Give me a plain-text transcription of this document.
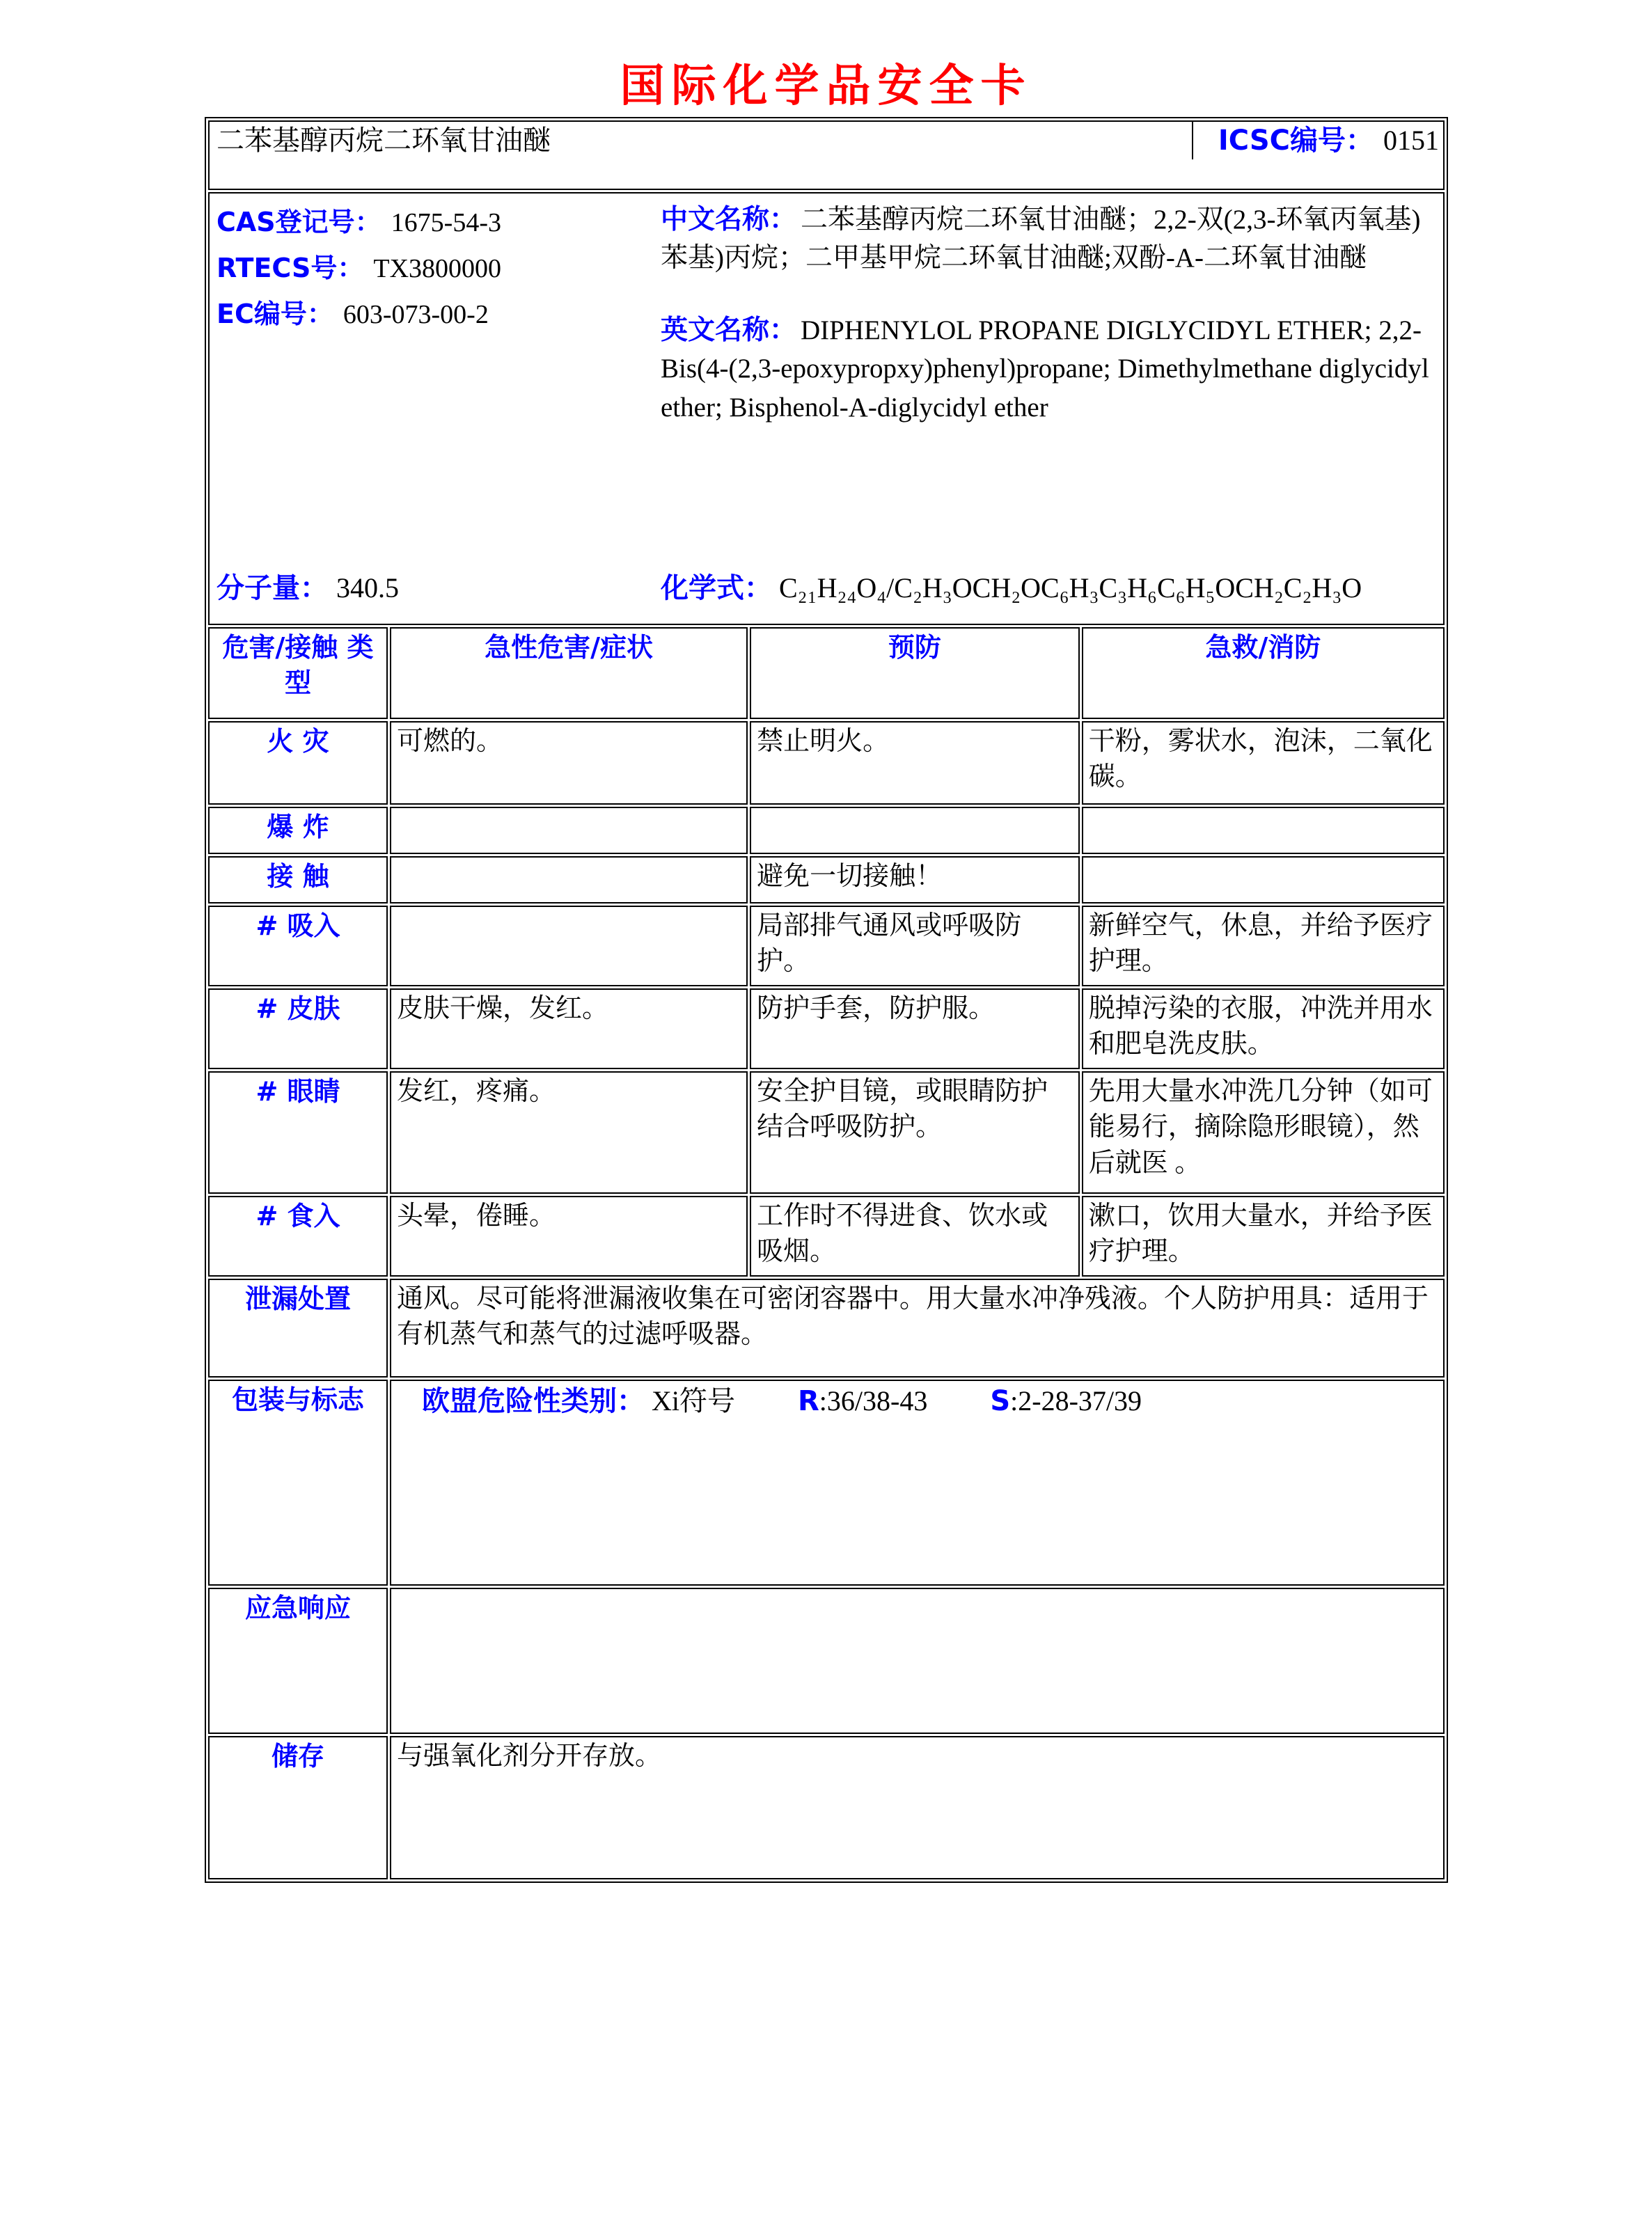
国际化学品安全卡
二苯基醇丙烷二环氧甘油醚 ICSC编号： 0151			

CAS登记号： 1675-54-3
RTECS号： TX3800000
EC编号： 603-073-00-2

中文名称： 二苯基醇丙烷二环氧甘油醚；2,2-双(2,3-环氧丙氧基)苯基)丙烷；二甲基甲烷二环氧甘油醚;双酚-A-二环氧甘油醚

英文名称： DIPHENYLOL PROPANE DIGLYCIDYL ETHER; 2,2-Bis(4-(2,3-epoxypropxy)phenyl)propane; Dimethylmethane diglycidyl ether; Bisphenol-A-diglycidyl ether

分子量： 340.5	化学式： C₂₁H₂₄O₄/C₂H₃OCH₂OC₆H₃C₃H₆C₆H₅OCH₂C₂H₃O

危害/接触 类型	急性危害/症状	预防	急救/消防
火 灾	可燃的。	禁止明火。	干粉，雾状水，泡沫，二氧化碳。
爆 炸			
接 触		避免一切接触！	
# 吸入		局部排气通风或呼吸防护。	新鲜空气，休息，并给予医疗护理。
# 皮肤	皮肤干燥，发红。	防护手套，防护服。	脱掉污染的衣服，冲洗并用水和肥皂洗皮肤。
# 眼睛	发红，疼痛。	安全护目镜，或眼睛防护结合呼吸防护。	先用大量水冲洗几分钟（如可能易行，摘除隐形眼镜），然后就医 。
# 食入	头晕，倦睡。	工作时不得进食、饮水或吸烟。	漱口，饮用大量水，并给予医疗护理。
泄漏处置	通风。尽可能将泄漏液收集在可密闭容器中。用大量水冲净残液。个人防护用具：适用于有机蒸气和蒸气的过滤呼吸器。		
包装与标志	欧盟危险性类别： Xi符号 R:36/38-43 S:2-28-37/39		

应急响应			
储存	与强氧化剂分开存放。		
